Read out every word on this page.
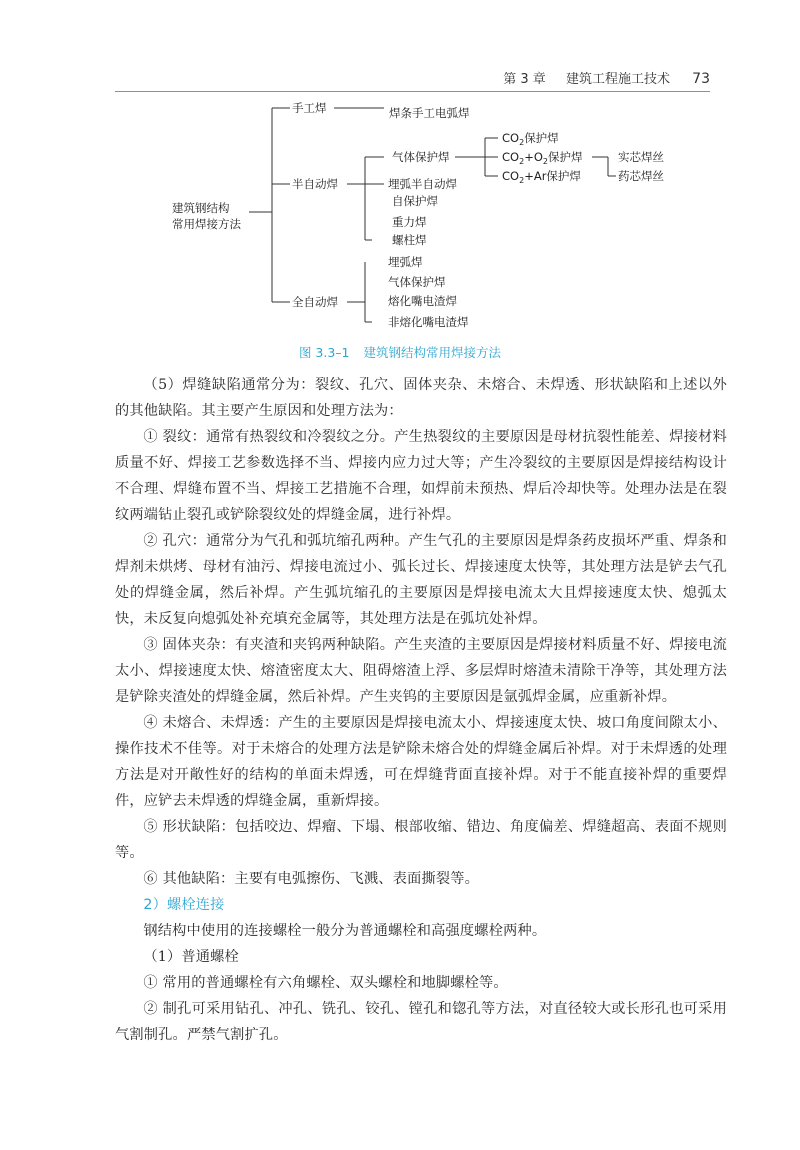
第 3 章 建筑工程施工技术 73
建筑钢结构
常用焊接方法
手工焊	焊条手工电弧焊
半自动焊
气体保护焊
$CO_2$保护焊
$CO_2+O_2$保护焊
$CO_2+Ar$保护焊
实芯焊丝
药芯焊丝
埋弧半自动焊
自保护焊
重力焊
螺柱焊
全自动焊
埋弧焊
气体保护焊
熔化嘴电渣焊
非熔化嘴电渣焊
图 3.3–1 建筑钢结构常用焊接方法

（5）焊缝缺陷通常分为：裂纹、孔穴、固体夹杂、未熔合、未焊透、形状缺陷和上述以外的其他缺陷。其主要产生原因和处理方法为：

① 裂纹：通常有热裂纹和冷裂纹之分。产生热裂纹的主要原因是母材抗裂性能差、焊接材料质量不好、焊接工艺参数选择不当、焊接内应力过大等；产生冷裂纹的主要原因是焊接结构设计不合理、焊缝布置不当、焊接工艺措施不合理，如焊前未预热、焊后冷却快等。处理办法是在裂纹两端钻止裂孔或铲除裂纹处的焊缝金属，进行补焊。

② 孔穴：通常分为气孔和弧坑缩孔两种。产生气孔的主要原因是焊条药皮损坏严重、焊条和焊剂未烘烤、母材有油污、焊接电流过小、弧长过长、焊接速度太快等，其处理方法是铲去气孔处的焊缝金属，然后补焊。产生弧坑缩孔的主要原因是焊接电流太大且焊接速度太快、熄弧太快，未反复向熄弧处补充填充金属等，其处理方法是在弧坑处补焊。

③ 固体夹杂：有夹渣和夹钨两种缺陷。产生夹渣的主要原因是焊接材料质量不好、焊接电流太小、焊接速度太快、熔渣密度太大、阻碍熔渣上浮、多层焊时熔渣未清除干净等，其处理方法是铲除夹渣处的焊缝金属，然后补焊。产生夹钨的主要原因是氩弧焊金属，应重新补焊。

④ 未熔合、未焊透：产生的主要原因是焊接电流太小、焊接速度太快、坡口角度间隙太小、操作技术不佳等。对于未熔合的处理方法是铲除未熔合处的焊缝金属后补焊。对于未焊透的处理方法是对开敞性好的结构的单面未焊透，可在焊缝背面直接补焊。对于不能直接补焊的重要焊件，应铲去未焊透的焊缝金属，重新焊接。

⑤ 形状缺陷：包括咬边、焊瘤、下塌、根部收缩、错边、角度偏差、焊缝超高、表面不规则等。

⑥ 其他缺陷：主要有电弧擦伤、飞溅、表面撕裂等。

2）螺栓连接

钢结构中使用的连接螺栓一般分为普通螺栓和高强度螺栓两种。

（1）普通螺栓

① 常用的普通螺栓有六角螺栓、双头螺栓和地脚螺栓等。

② 制孔可采用钻孔、冲孔、铣孔、铰孔、镗孔和锪孔等方法，对直径较大或长形孔也可采用气割制孔。严禁气割扩孔。
